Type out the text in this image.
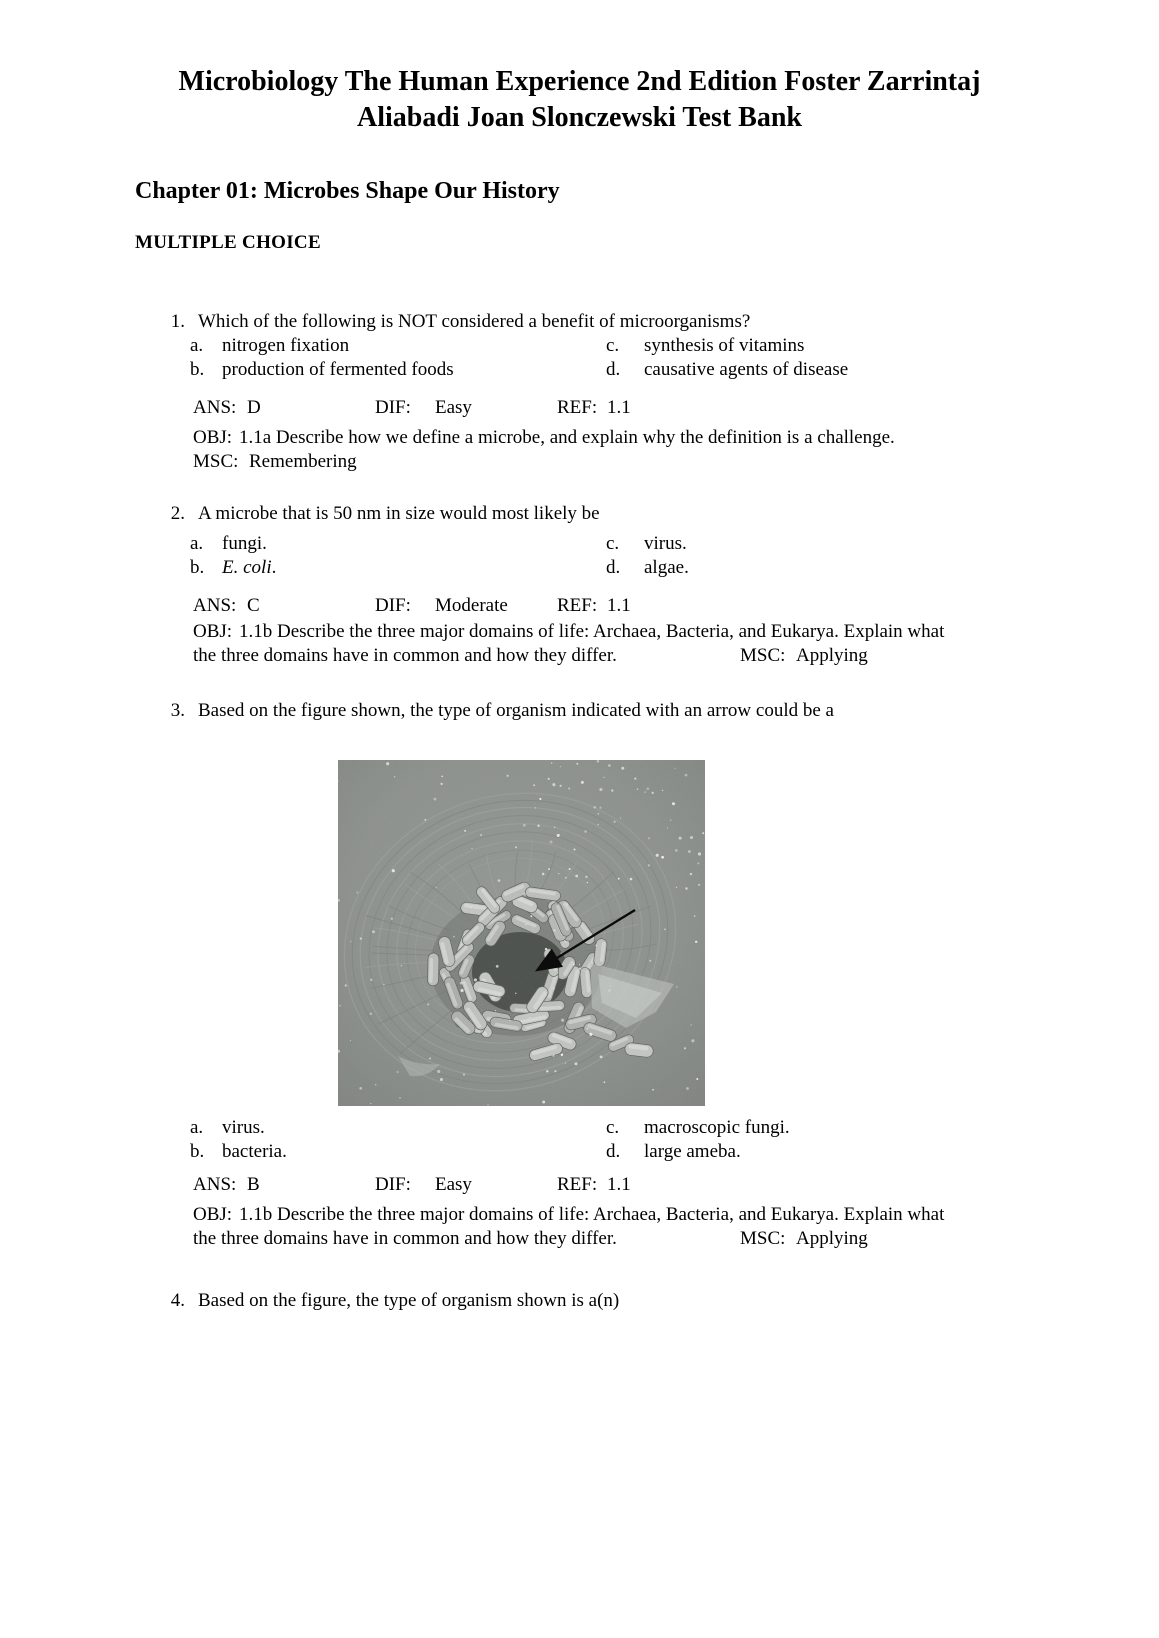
Microbiology The Human Experience 2nd Edition Foster Zarrintaj
Aliabadi Joan Slonczewski Test Bank
Chapter 01: Microbes Shape Our History
MULTIPLE CHOICE
1. Which of the following is NOT considered a benefit of microorganisms?
a. nitrogen fixation	c.	synthesis of vitamins
b. production of fermented foods	d.	causative agents of disease
ANS: D	DIF:	Easy	REF: 1.1
OBJ: 1.1a Describe how we define a microbe, and explain why the definition is a challenge.
MSC: Remembering
2. A microbe that is 50 nm in size would most likely be
a. fungi.	c.	virus.
b. E. coli.	d.	algae.
ANS: C	DIF:	Moderate	REF: 1.1
OBJ: 1.1b Describe the three major domains of life: Archaea, Bacteria, and Eukarya. Explain what
the three domains have in common and how they differ.	MSC: Applying
3. Based on the figure shown, the type of organism indicated with an arrow could be a
a. virus.	c.	macroscopic fungi.
b. bacteria.	d.	large ameba.
ANS: B	DIF:	Easy	REF: 1.1
OBJ: 1.1b Describe the three major domains of life: Archaea, Bacteria, and Eukarya. Explain what
the three domains have in common and how they differ.	MSC: Applying
4. Based on the figure, the type of organism shown is a(n)
